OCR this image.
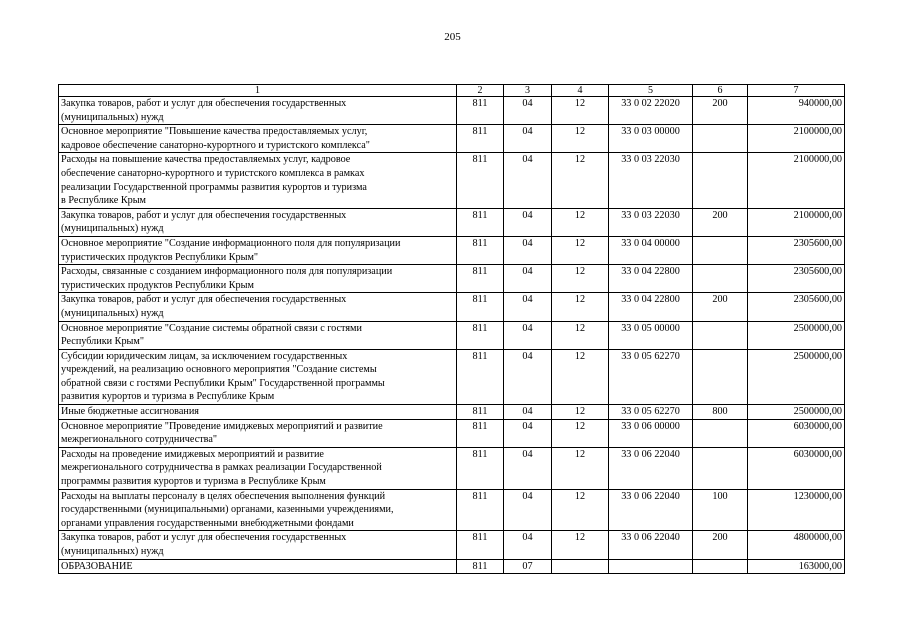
205
1	2	3	4	5	6	7
Закупка товаров, работ и услуг для обеспечения государственных
(муниципальных) нужд	811	04	12	33 0 02 22020	200	940000,00
Основное мероприятие "Повышение качества предоставляемых услуг,
кадровое обеспечение санаторно-курортного и туристского комплекса"	811	04	12	33 0 03 00000		2100000,00
Расходы на повышение качества предоставляемых услуг, кадровое
обеспечение санаторно-курортного и туристского комплекса в рамках
реализации Государственной программы развития курортов и туризма
в Республике Крым	811	04	12	33 0 03 22030		2100000,00
Закупка товаров, работ и услуг для обеспечения государственных
(муниципальных) нужд	811	04	12	33 0 03 22030	200	2100000,00
Основное мероприятие "Создание информационного поля для популяризации
туристических продуктов Республики Крым"	811	04	12	33 0 04 00000		2305600,00
Расходы, связанные с созданием информационного поля для популяризации
туристических продуктов Республики Крым	811	04	12	33 0 04 22800		2305600,00
Закупка товаров, работ и услуг для обеспечения государственных
(муниципальных) нужд	811	04	12	33 0 04 22800	200	2305600,00
Основное мероприятие "Создание системы обратной связи с гостями
Республики Крым"	811	04	12	33 0 05 00000		2500000,00
Субсидии юридическим лицам, за исключением государственных
учреждений, на реализацию основного мероприятия "Создание системы
обратной связи с гостями Республики Крым" Государственной программы
развития курортов и туризма в Республике Крым	811	04	12	33 0 05 62270		2500000,00
Иные бюджетные ассигнования	811	04	12	33 0 05 62270	800	2500000,00
Основное мероприятие "Проведение имиджевых мероприятий и развитие
межрегионального сотрудничества"	811	04	12	33 0 06 00000		6030000,00
Расходы на проведение имиджевых мероприятий и развитие
межрегионального сотрудничества в рамках реализации Государственной
программы развития курортов и туризма в Республике Крым	811	04	12	33 0 06 22040		6030000,00
Расходы на выплаты персоналу в целях обеспечения выполнения функций
государственными (муниципальными) органами, казенными учреждениями,
органами управления государственными внебюджетными фондами	811	04	12	33 0 06 22040	100	1230000,00
Закупка товаров, работ и услуг для обеспечения государственных
(муниципальных) нужд	811	04	12	33 0 06 22040	200	4800000,00
ОБРАЗОВАНИЕ	811	07				163000,00
